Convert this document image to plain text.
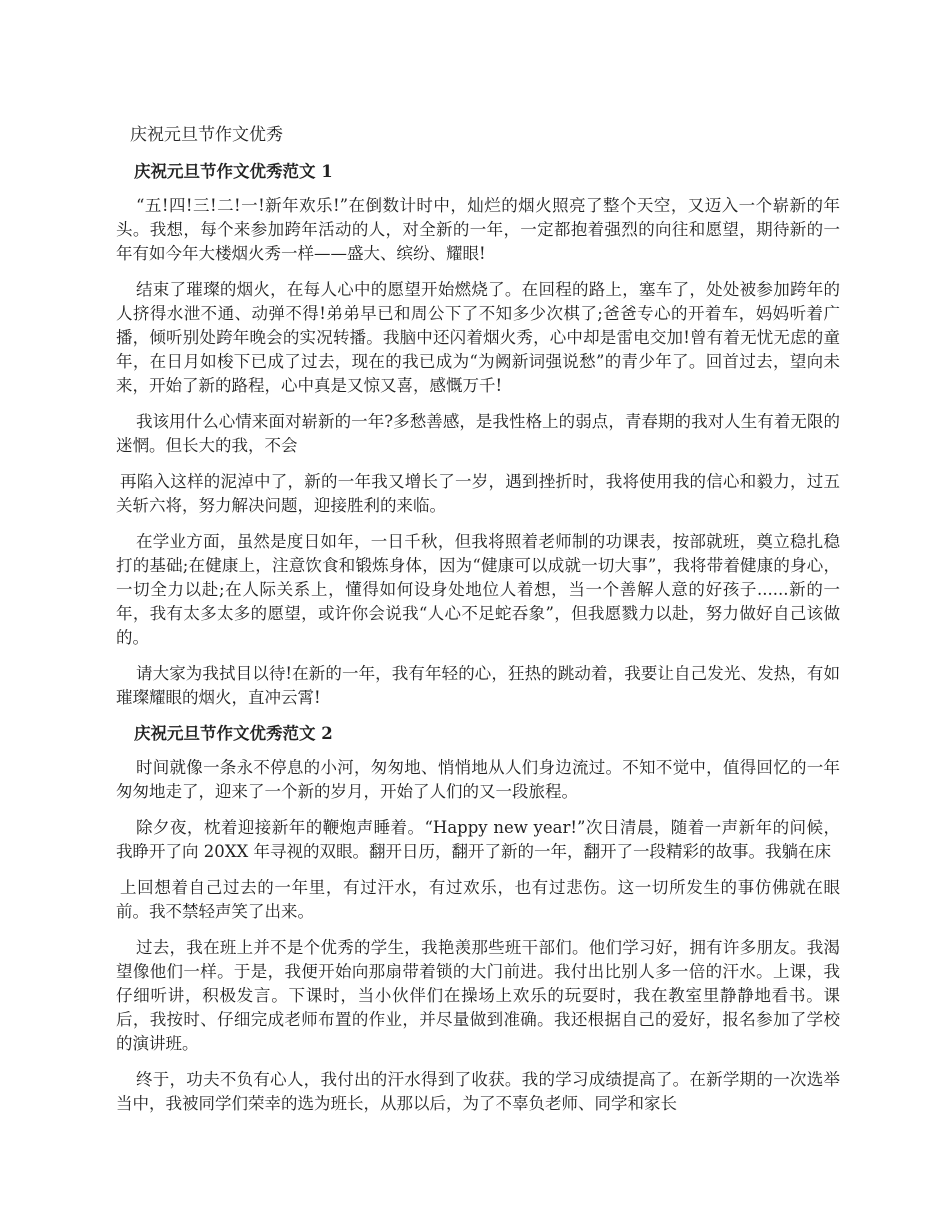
庆祝元旦节作文优秀
庆祝元旦节作文优秀范文 1

“五!四!三!二!一!新年欢乐!”在倒数计时中，灿烂的烟火照亮了整个天空，又迈入一个崭新的年头。我想，每个来参加跨年活动的人，对全新的一年，一定都抱着强烈的向往和愿望，期待新的一年有如今年大楼烟火秀一样——盛大、缤纷、耀眼!

结束了璀璨的烟火，在每人心中的愿望开始燃烧了。在回程的路上，塞车了，处处被参加跨年的人挤得水泄不通、动弹不得!弟弟早已和周公下了不知多少次棋了;爸爸专心的开着车，妈妈听着广播，倾听别处跨年晚会的实况转播。我脑中还闪着烟火秀，心中却是雷电交加!曾有着无忧无虑的童年，在日月如梭下已成了过去，现在的我已成为“为阙新词强说愁”的青少年了。回首过去，望向未来，开始了新的路程，心中真是又惊又喜，感慨万千!

我该用什么心情来面对崭新的一年?多愁善感，是我性格上的弱点，青春期的我对人生有着无限的迷惘。但长大的我，不会

再陷入这样的泥淖中了，新的一年我又增长了一岁，遇到挫折时，我将使用我的信心和毅力，过五关斩六将，努力解决问题，迎接胜利的来临。

在学业方面，虽然是度日如年，一日千秋，但我将照着老师制的功课表，按部就班，奠立稳扎稳打的基础;在健康上，注意饮食和锻炼身体，因为“健康可以成就一切大事”，我将带着健康的身心，一切全力以赴;在人际关系上，懂得如何设身处地位人着想，当一个善解人意的好孩子......新的一年，我有太多太多的愿望，或许你会说我“人心不足蛇吞象”，但我愿戮力以赴，努力做好自己该做的。

请大家为我拭目以待!在新的一年，我有年轻的心，狂热的跳动着，我要让自己发光、发热，有如璀璨耀眼的烟火，直冲云霄!

庆祝元旦节作文优秀范文 2

时间就像一条永不停息的小河，匆匆地、悄悄地从人们身边流过。不知不觉中，值得回忆的一年匆匆地走了，迎来了一个新的岁月，开始了人们的又一段旅程。

除夕夜，枕着迎接新年的鞭炮声睡着。“Happy new year!”次日清晨，随着一声新年的问候，我睁开了向 20XX 年寻视的双眼。翻开日历，翻开了新的一年，翻开了一段精彩的故事。我躺在床

上回想着自己过去的一年里，有过汗水，有过欢乐，也有过悲伤。这一切所发生的事仿佛就在眼前。我不禁轻声笑了出来。

过去，我在班上并不是个优秀的学生，我艳羡那些班干部们。他们学习好，拥有许多朋友。我渴望像他们一样。于是，我便开始向那扇带着锁的大门前进。我付出比别人多一倍的汗水。上课，我仔细听讲，积极发言。下课时，当小伙伴们在操场上欢乐的玩耍时，我在教室里静静地看书。课后，我按时、仔细完成老师布置的作业，并尽量做到准确。我还根据自己的爱好，报名参加了学校的演讲班。

终于，功夫不负有心人，我付出的汗水得到了收获。我的学习成绩提高了。在新学期的一次选举当中，我被同学们荣幸的选为班长，从那以后，为了不辜负老师、同学和家长
